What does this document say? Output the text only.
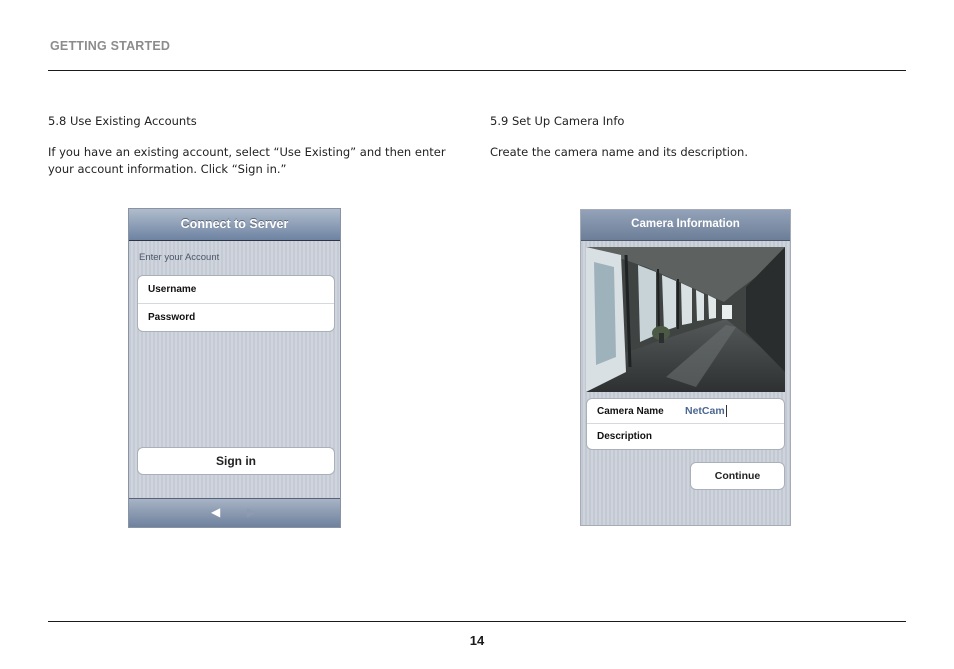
GETTING STARTED
5.8 Use Existing Accounts
If you have an existing account, select “Use Existing” and then enter
your account information. Click “Sign in.”
5.9 Set Up Camera Info
Create the camera name and its description.
Connect to Server
Enter your Account
Username
Password
Sign in
◀ ▶
Camera Information
Camera Name NetCam
Description
Continue
14
